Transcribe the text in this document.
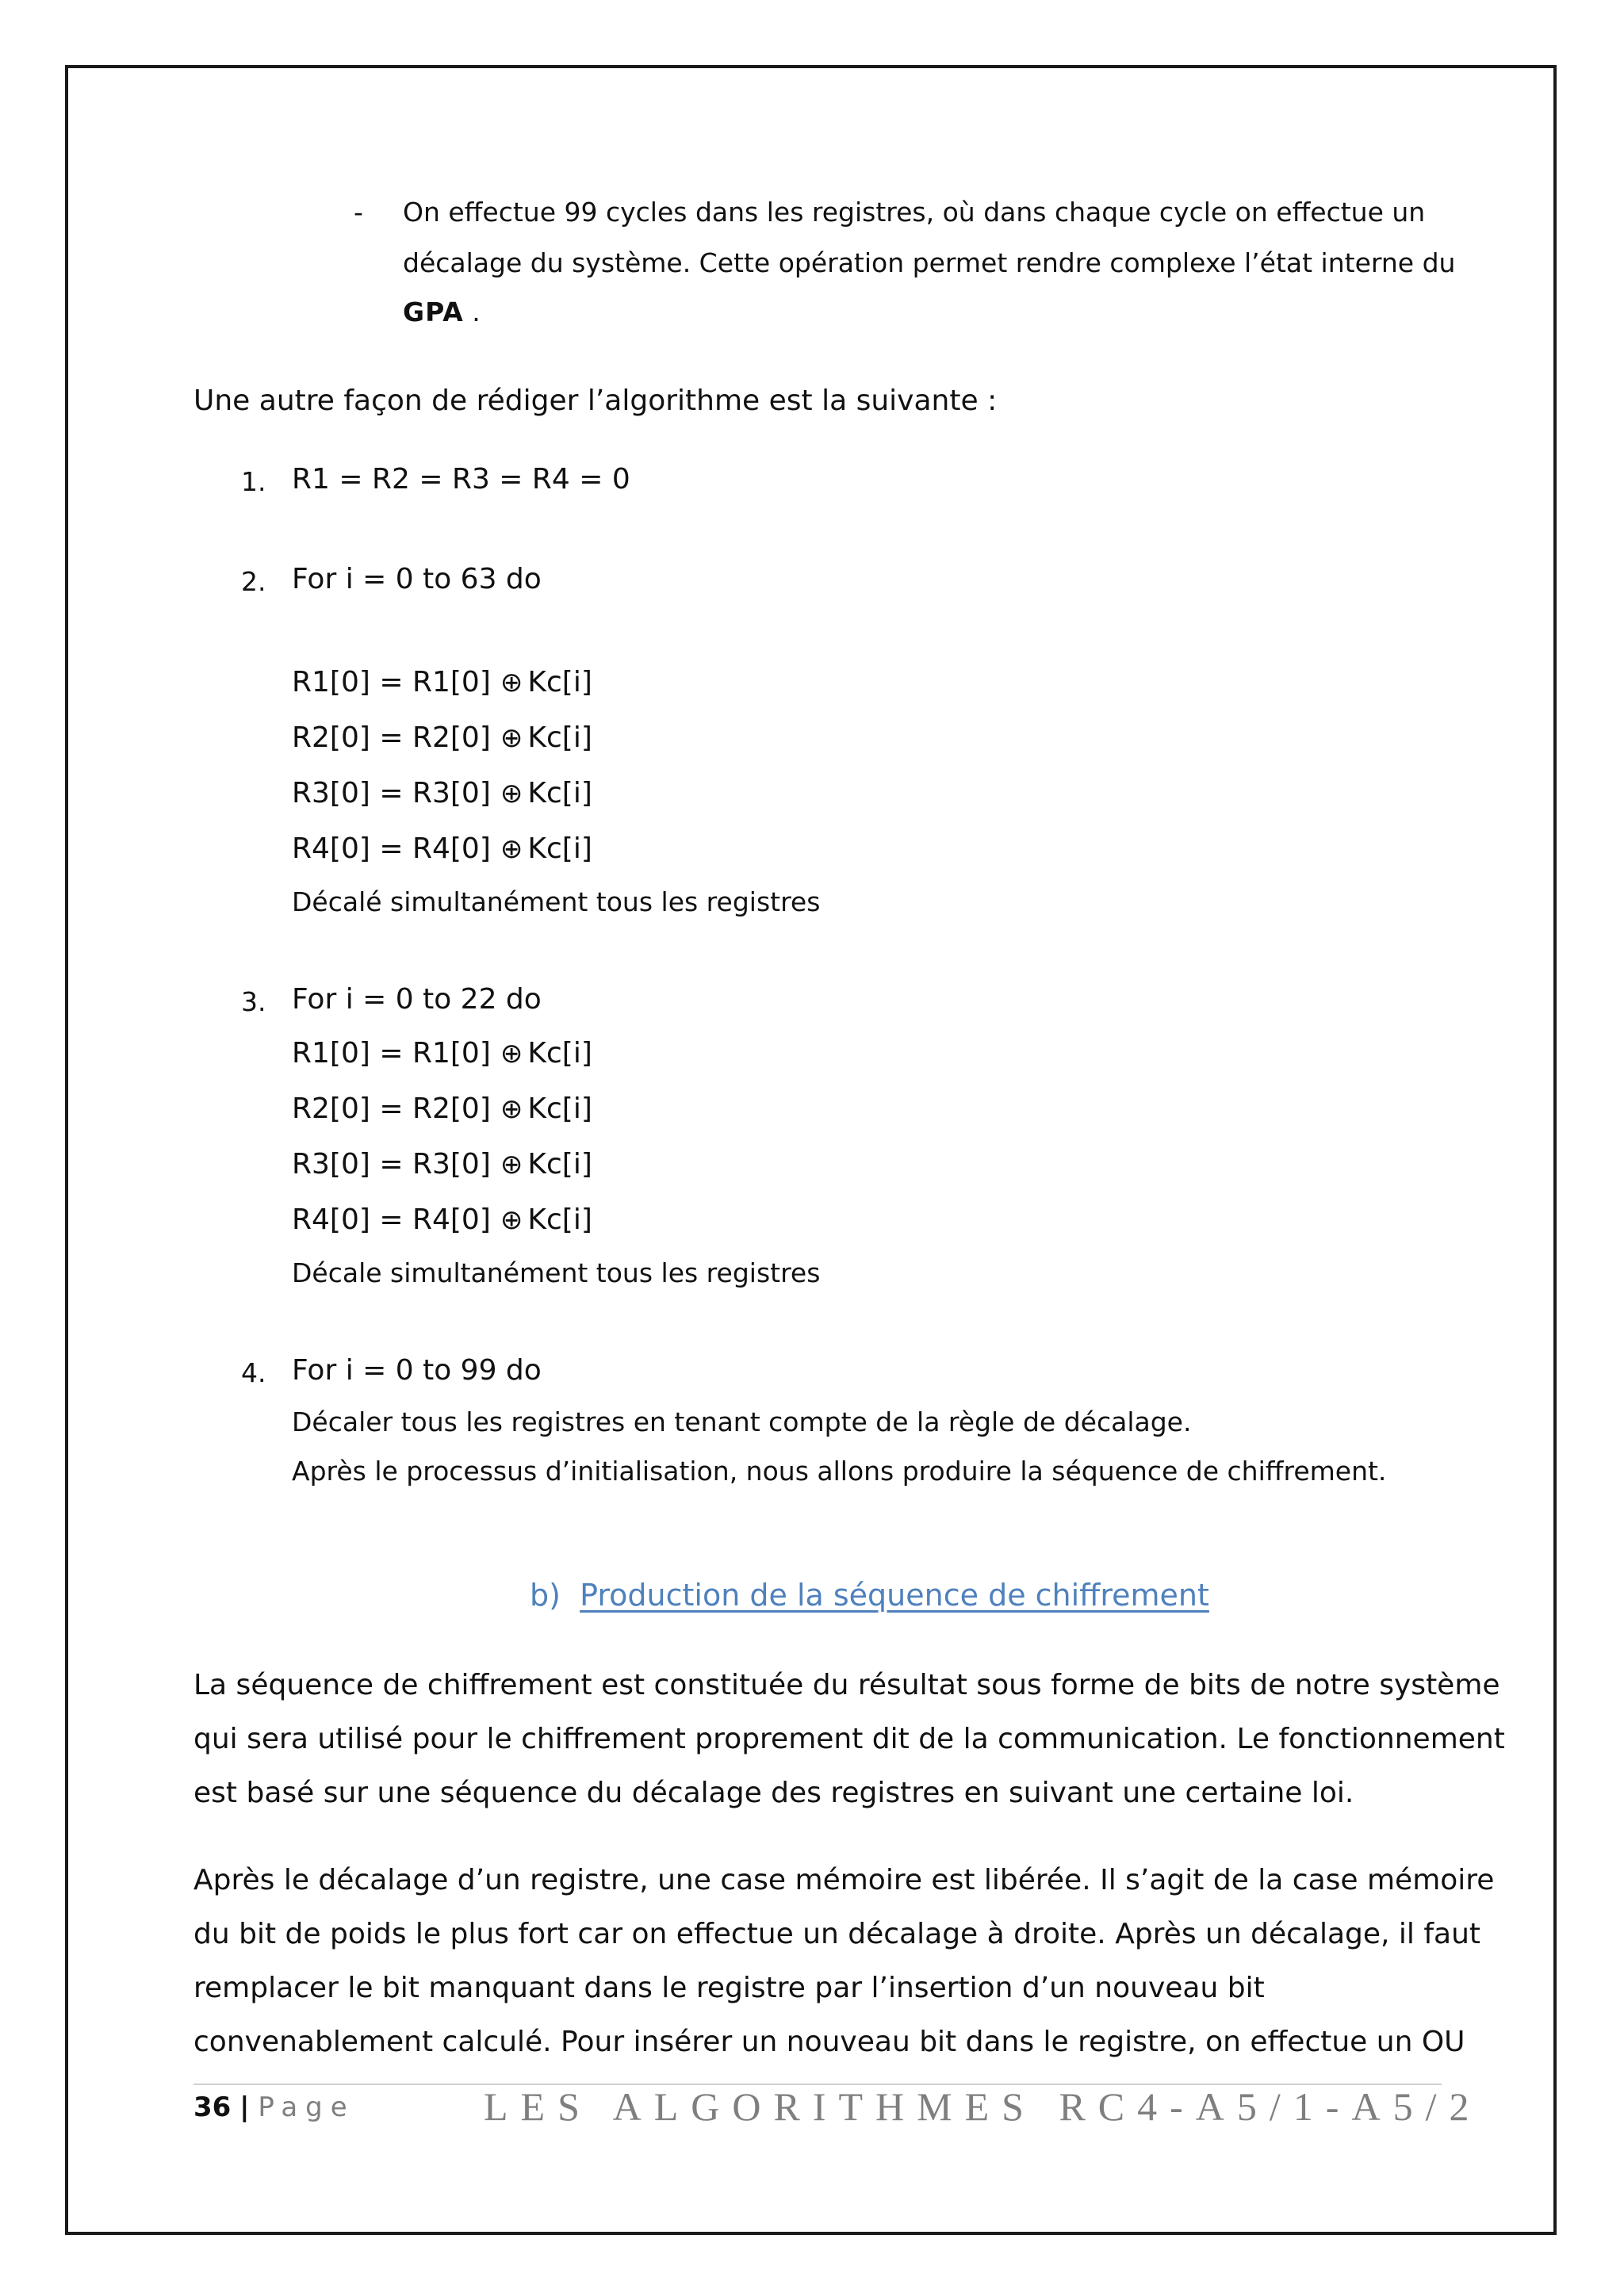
- On effectue 99 cycles dans les registres, où dans chaque cycle on effectue un
décalage du système. Cette opération permet rendre complexe l’état interne du
GPA .
Une autre façon de rédiger l’algorithme est la suivante :
1. R1 = R2 = R3 = R4 = 0
2. For i = 0 to 63 do
R1[0] = R1[0] ⊕ Kc[i]
R2[0] = R2[0] ⊕ Kc[i]
R3[0] = R3[0] ⊕ Kc[i]
R4[0] = R4[0] ⊕ Kc[i]
Décalé simultanément tous les registres
3. For i = 0 to 22 do
R1[0] = R1[0] ⊕ Kc[i]
R2[0] = R2[0] ⊕ Kc[i]
R3[0] = R3[0] ⊕ Kc[i]
R4[0] = R4[0] ⊕ Kc[i]
Décale simultanément tous les registres
4. For i = 0 to 99 do
Décaler tous les registres en tenant compte de la règle de décalage.
Après le processus d’initialisation, nous allons produire la séquence de chiffrement.
b) Production de la séquence de chiffrement
La séquence de chiffrement est constituée du résultat sous forme de bits de notre système
qui sera utilisé pour le chiffrement proprement dit de la communication. Le fonctionnement
est basé sur une séquence du décalage des registres en suivant une certaine loi.
Après le décalage d’un registre, une case mémoire est libérée. Il s’agit de la case mémoire
du bit de poids le plus fort car on effectue un décalage à droite. Après un décalage, il faut
remplacer le bit manquant dans le registre par l’insertion d’un nouveau bit
convenablement calculé. Pour insérer un nouveau bit dans le registre, on effectue un OU
36 | Page	LES ALGORITHMES RC4-A5/1-A5/2
